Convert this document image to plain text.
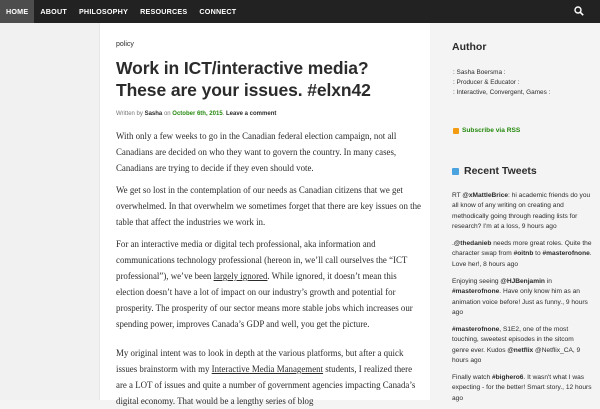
HOME ABOUT PHILOSOPHY RESOURCES CONNECT
policy
Work in ICT/interactive media? These are your issues. #elxn42
Written by Sasha on October 6th, 2015. Leave a comment

With only a few weeks to go in the Canadian federal election campaign, not all Canadians are decided on who they want to govern the country. In many cases, Canadians are trying to decide if they even should vote.

We get so lost in the contemplation of our needs as Canadian citizens that we get overwhelmed. In that overwhelm we sometimes forget that there are key issues on the table that affect the industries we work in.

For an interactive media or digital tech professional, aka information and communications technology professional (hereon in, we’ll call ourselves the “ICT professional”), we’ve been largely ignored. While ignored, it doesn’t mean this election doesn’t have a lot of impact on our industry’s growth and potential for prosperity. The prosperity of our sector means more stable jobs which increases our spending power, improves Canada’s GDP and well, you get the picture.

My original intent was to look in depth at the various platforms, but after a quick issues brainstorm with my Interactive Media Management students, I realized there are a LOT of issues and quite a number of government agencies impacting Canada’s digital economy. That would be a lengthy series of blog

Author
: Sasha Boersma :
: Producer & Educator :
: Interactive, Convergent, Games :
Subscribe via RSS
Recent Tweets
RT @xMattleBrice: hi academic friends do you all know of any writing on creating and methodically going through reading lists for research? I'm at a loss, 9 hours ago
.@thedanieb needs more great roles. Quite the character swap from #oitnb to #masterofnone. Love her!, 8 hours ago
Enjoying seeing @HJBenjamin in #masterofnone. Have only know him as an animation voice before! Just as funny., 9 hours ago
#masterofnone, S1E2, one of the most touching, sweetest episodes in the sitcom genre ever. Kudos @netflix @Netflix_CA, 9 hours ago
Finally watch #bighero6. It wasn't what I was expecting - for the better! Smart story., 12 hours ago
